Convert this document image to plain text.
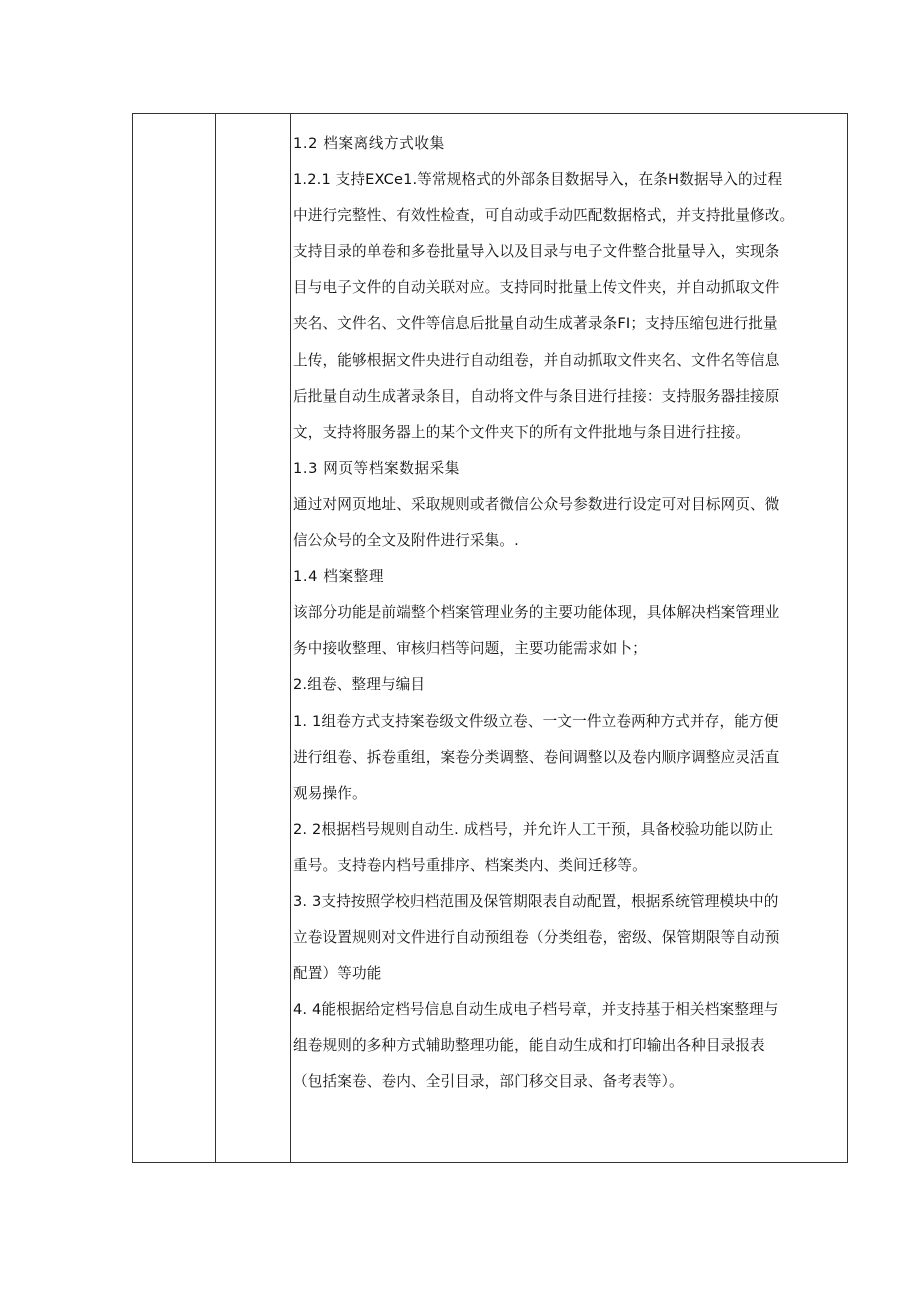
1.2 档案离线方式收集
1.2.1 支持EXCe1.等常规格式的外部条目数据导入，在条H数据导入的过程
中进行完整性、有效性检查，可自动或手动匹配数据格式，并支持批量修改。
支持目录的单卷和多卷批量导入以及目录与电子文件整合批量导入，实现条
目与电子文件的自动关联对应。支持同时批量上传文件夹，并自动抓取文件
夹名、文件名、文件等信息后批量自动生成著录条FI；支持压缩包进行批量
上传，能够根据文件央进行自动组卷，并自动抓取文件夹名、文件名等信息
后批量自动生成著录条目，自动将文件与条目进行挂接：支持服务器挂接原
文，支持将服务器上的某个文件夹下的所有文件批地与条目进行拄接。
1.3 网页等档案数据采集
通过对网页地址、采取规则或者微信公众号参数进行设定可对目标网页、微
信公众号的全文及附件进行采集。.
1.4 档案整理
该部分功能是前端整个档案管理业务的主要功能体现，具体解决档案管理业
务中接收整理、审核归档等问题，主要功能需求如卜；
2.组卷、整理与编目
1. 1组卷方式支持案卷级文件级立卷、一文一件立卷两种方式并存，能方便
进行组卷、拆卷重组，案卷分类调整、卷间调整以及卷内顺序调整应灵活直
观易操作。
2. 2根据档号规则自动生. 成档号，并允许人工干预，具备校验功能以防止
重号。支持卷内档号重排序、档案类内、类间迁移等。
3. 3支持按照学校归档范围及保管期限表自动配置，根据系统管理模块中的
立卷设置规则对文件进行自动预组卷（分类组卷，密级、保管期限等自动预
配置）等功能
4. 4能根据给定档号信息自动生成电子档号章，并支持基于相关档案整理与
组卷规则的多种方式辅助整理功能，能自动生成和打印输出各种目录报表
（包括案卷、卷内、全引目录，部门移交目录、备考表等）。
